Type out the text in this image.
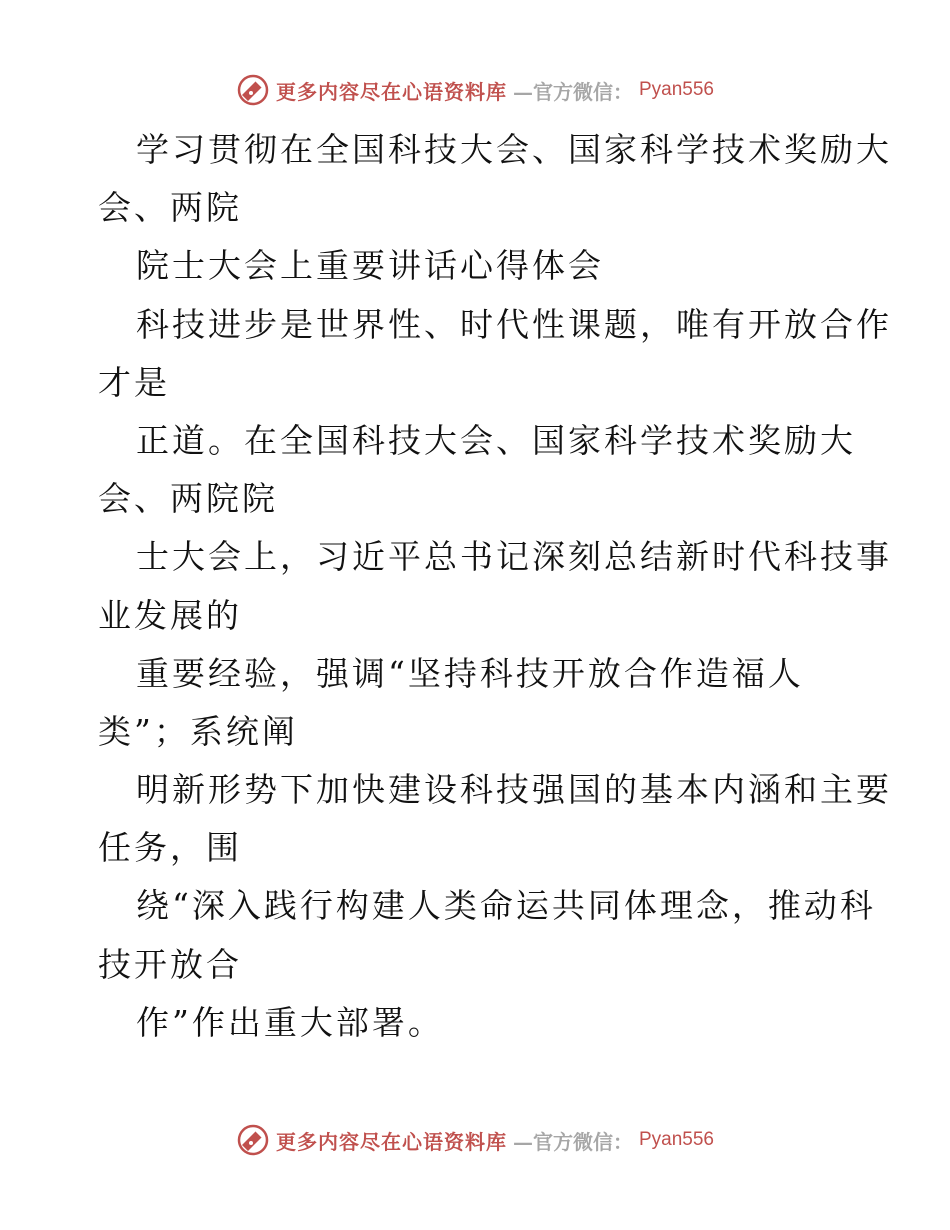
更多内容尽在心语资料库 —官方微信： Pyan556
学习贯彻在全国科技大会、国家科学技术奖励大
会、两院
院士大会上重要讲话心得体会
科技进步是世界性、时代性课题，唯有开放合作
才是
正道。在全国科技大会、国家科学技术奖励大
会、两院院
士大会上，习近平总书记深刻总结新时代科技事
业发展的
重要经验，强调“坚持科技开放合作造福人
类”；系统阐
明新形势下加快建设科技强国的基本内涵和主要
任务，围
绕“深入践行构建人类命运共同体理念，推动科
技开放合
作”作出重大部署。
更多内容尽在心语资料库 —官方微信： Pyan556
